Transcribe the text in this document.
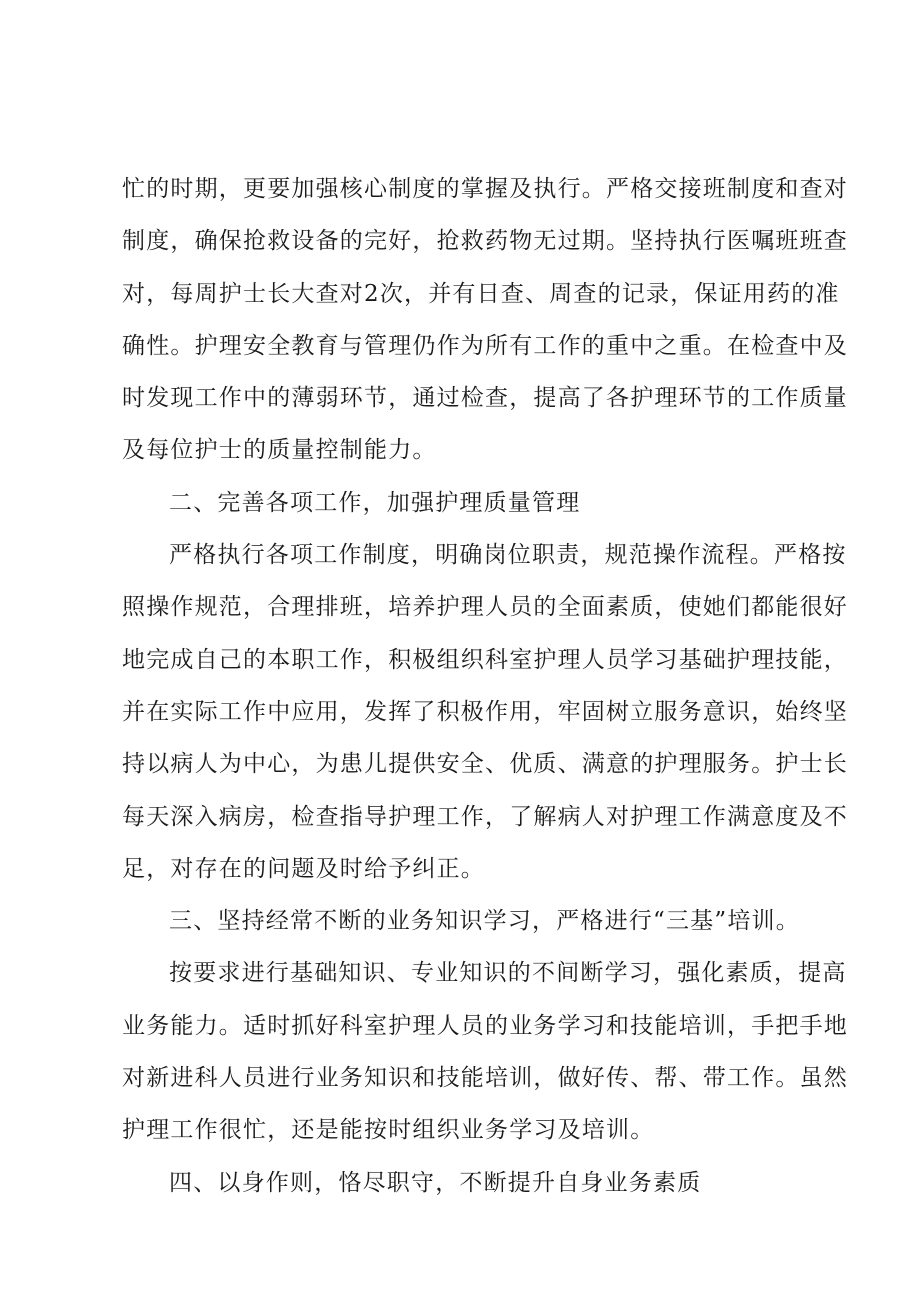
忙的时期，更要加强核心制度的掌握及执行。严格交接班制度和查对
制度，确保抢救设备的完好，抢救药物无过期。坚持执行医嘱班班查
对，每周护士长大查对2次，并有日查、周查的记录，保证用药的准
确性。护理安全教育与管理仍作为所有工作的重中之重。在检查中及
时发现工作中的薄弱环节，通过检查，提高了各护理环节的工作质量
及每位护士的质量控制能力。
二、完善各项工作，加强护理质量管理
严格执行各项工作制度，明确岗位职责，规范操作流程。严格按
照操作规范，合理排班，培养护理人员的全面素质，使她们都能很好
地完成自己的本职工作，积极组织科室护理人员学习基础护理技能，
并在实际工作中应用，发挥了积极作用，牢固树立服务意识，始终坚
持以病人为中心，为患儿提供安全、优质、满意的护理服务。护士长
每天深入病房，检查指导护理工作，了解病人对护理工作满意度及不
足，对存在的问题及时给予纠正。
三、坚持经常不断的业务知识学习，严格进行“三基”培训。
按要求进行基础知识、专业知识的不间断学习，强化素质，提高
业务能力。适时抓好科室护理人员的业务学习和技能培训，手把手地
对新进科人员进行业务知识和技能培训，做好传、帮、带工作。虽然
护理工作很忙，还是能按时组织业务学习及培训。
四、以身作则，恪尽职守，不断提升自身业务素质
